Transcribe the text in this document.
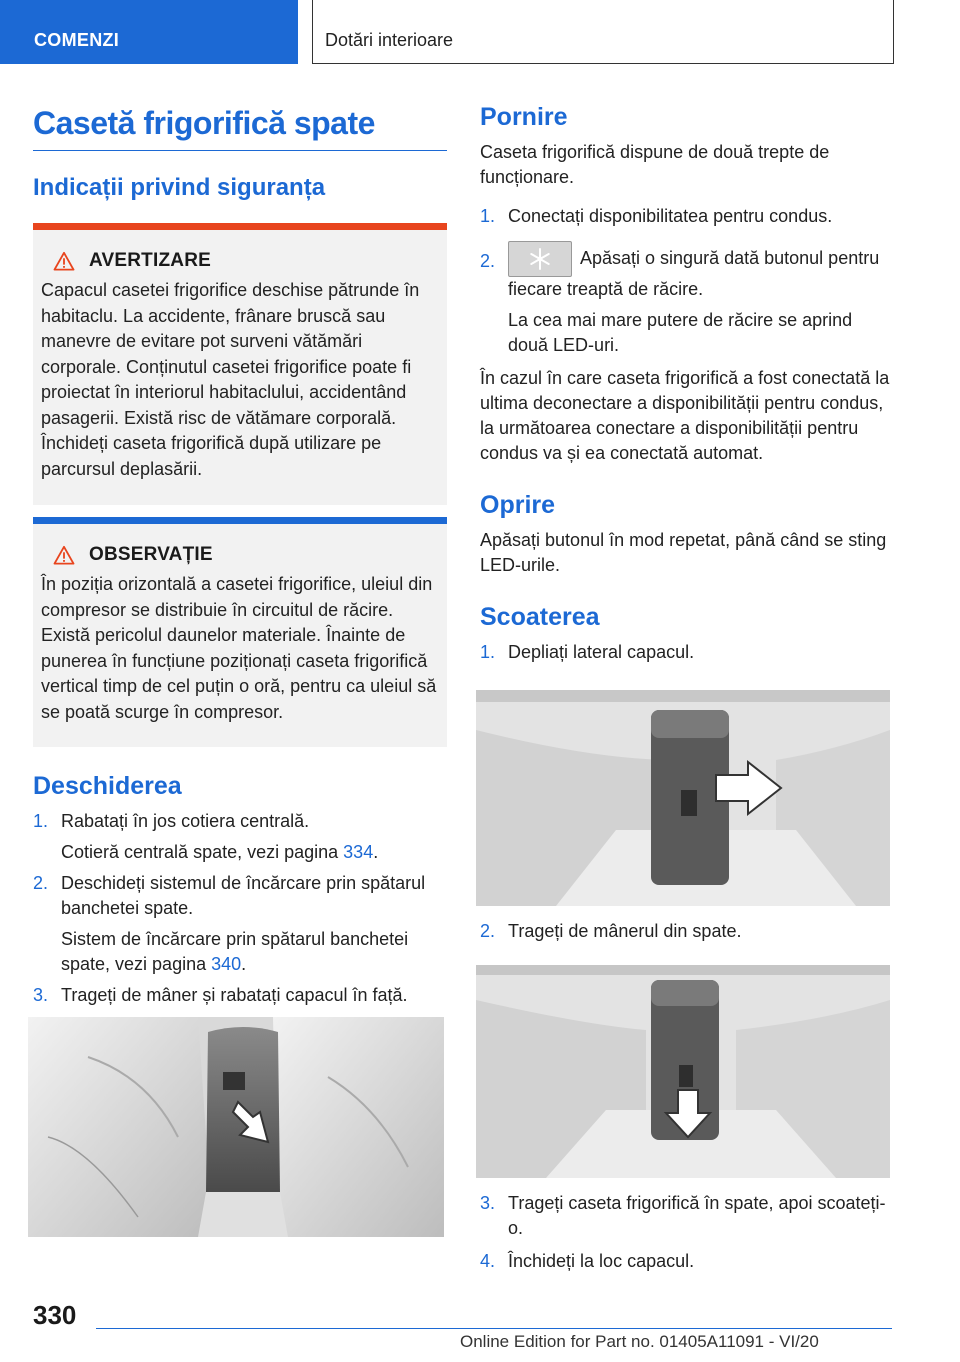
COMENZI	Dotări interioare
Casetă frigorifică spate
Indicații privind siguranța
AVERTIZARE

Capacul casetei frigorifice deschise pătrunde în habitaclu. La accidente, frânare bruscă sau manevre de evitare pot surveni vătămări corporale. Conținutul casetei frigorifice poate fi proiectat în interiorul habitaclului, accidentând pasagerii. Există risc de vătămare corporală. Închideți caseta frigorifică după utilizare pe parcursul deplasării.

OBSERVAȚIE

În poziția orizontală a casetei frigorifice, uleiul din compresor se distribuie în circuitul de răcire. Există pericolul daunelor materiale. Înainte de punerea în funcțiune poziționați caseta frigorifică vertical timp de cel puțin o oră, pentru ca uleiul să se poată scurge în compresor.

Deschiderea
1. Rabatați în jos cotiera centrală.
Cotieră centrală spate, vezi pagina 334.
2. Deschideți sistemul de încărcare prin spătarul banchetei spate.
Sistem de încărcare prin spătarul banchetei spate, vezi pagina 340.
3. Trageți de mâner și rabatați capacul în față.
Pornire

Caseta frigorifică dispune de două trepte de funcționare.

1. Conectați disponibilitatea pentru condus.
2.	Apăsați o singură dată butonul pentru fiecare treaptă de răcire.
La cea mai mare putere de răcire se aprind două LED-uri.

În cazul în care caseta frigorifică a fost conectată la ultima deconectare a disponibilității pentru condus, la următoarea conectare a disponibilității pentru condus va și ea conectată automat.

Oprire

Apăsați butonul în mod repetat, până când se sting LED-urile.

Scoaterea
1. Depliați lateral capacul.
2. Trageți de mânerul din spate.
3. Trageți caseta frigorifică în spate, apoi scoateți-o.
4. Închideți la loc capacul.
330
Online Edition for Part no. 01405A11091 - VI/20
